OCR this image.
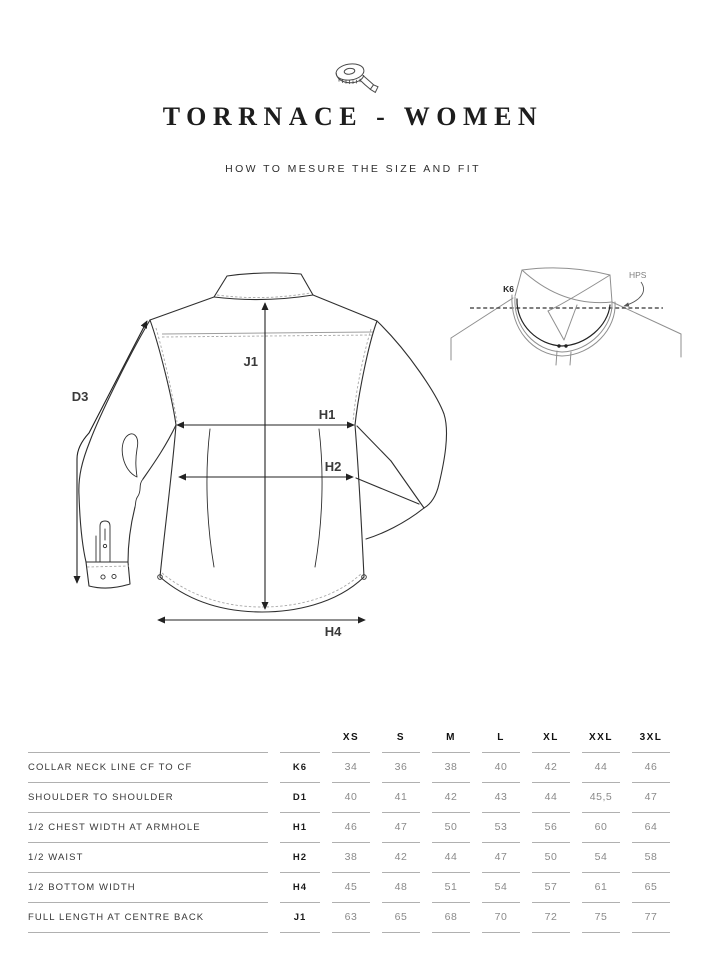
TORRNACE - WOMEN
HOW TO MESURE THE SIZE AND FIT
J1
H1
H2
H4
D3
K6
HPS
		XS	S	M	L	XL	XXL	3XL
COLLAR NECK LINE CF TO CF	K6	34	36	38	40	42	44	46
SHOULDER TO SHOULDER	D1	40	41	42	43	44	45,5	47
1/2 CHEST WIDTH AT ARMHOLE	H1	46	47	50	53	56	60	64
1/2 WAIST	H2	38	42	44	47	50	54	58
1/2 BOTTOM WIDTH	H4	45	48	51	54	57	61	65
FULL LENGTH AT CENTRE BACK	J1	63	65	68	70	72	75	77
